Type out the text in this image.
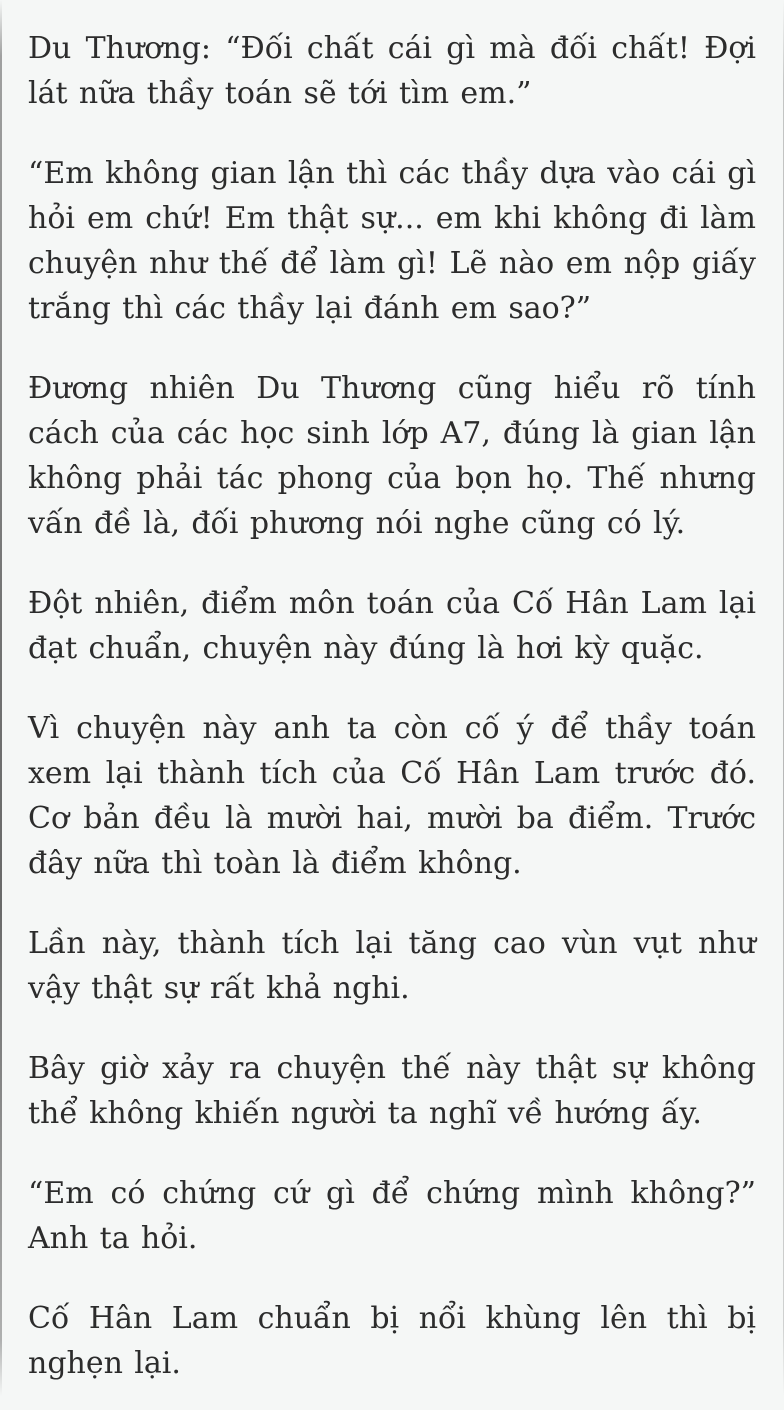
Du Thương: “Đối chất cái gì mà đối chất! Đợi lát nữa thầy toán sẽ tới tìm em.”

“Em không gian lận thì các thầy dựa vào cái gì hỏi em chứ! Em thật sự... em khi không đi làm chuyện như thế để làm gì! Lẽ nào em nộp giấy trắng thì các thầy lại đánh em sao?”

Đương nhiên Du Thương cũng hiểu rõ tính cách của các học sinh lớp A7, đúng là gian lận không phải tác phong của bọn họ. Thế nhưng vấn đề là, đối phương nói nghe cũng có lý.

Đột nhiên, điểm môn toán của Cố Hân Lam lại đạt chuẩn, chuyện này đúng là hơi kỳ quặc.

Vì chuyện này anh ta còn cố ý để thầy toán xem lại thành tích của Cố Hân Lam trước đó. Cơ bản đều là mười hai, mười ba điểm. Trước đây nữa thì toàn là điểm không.

Lần này, thành tích lại tăng cao vùn vụt như vậy thật sự rất khả nghi.

Bây giờ xảy ra chuyện thế này thật sự không thể không khiến người ta nghĩ về hướng ấy.

“Em có chứng cứ gì để chứng mình không?” Anh ta hỏi.

Cố Hân Lam chuẩn bị nổi khùng lên thì bị nghẹn lại.
